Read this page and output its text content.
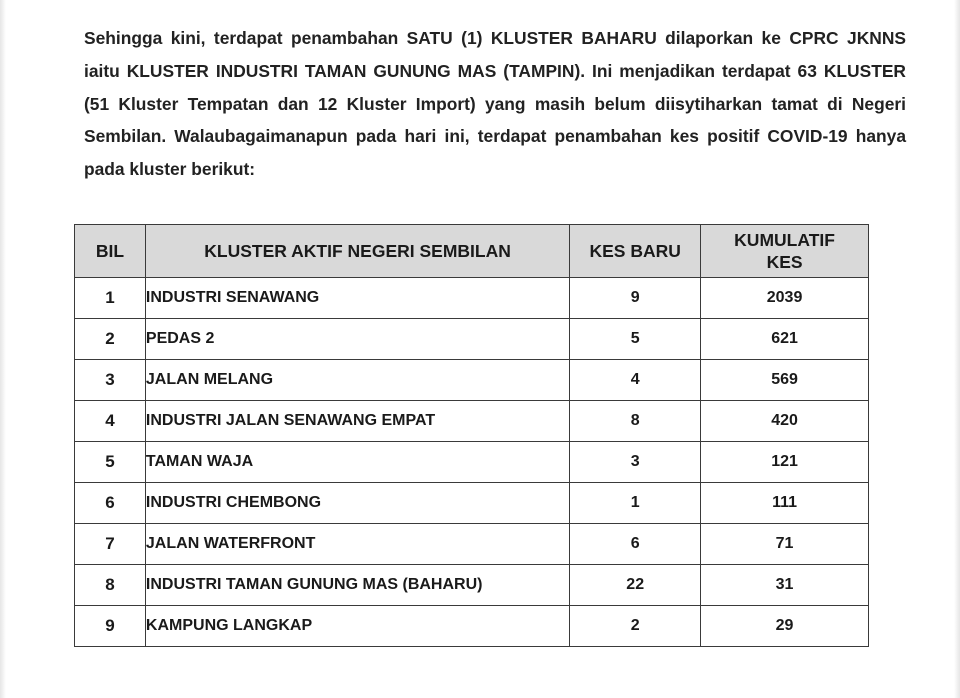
Sehingga kini, terdapat penambahan SATU (1) KLUSTER BAHARU dilaporkan ke CPRC JKNNS iaitu KLUSTER INDUSTRI TAMAN GUNUNG MAS (TAMPIN). Ini menjadikan terdapat 63 KLUSTER (51 Kluster Tempatan dan 12 Kluster Import) yang masih belum diisytiharkan tamat di Negeri Sembilan. Walaubagaimanapun pada hari ini, terdapat penambahan kes positif COVID-19 hanya pada kluster berikut:

BIL	KLUSTER AKTIF NEGERI SEMBILAN	KES BARU	KUMULATIF
KES
1	INDUSTRI SENAWANG	9	2039
2	PEDAS 2	5	621
3	JALAN MELANG	4	569
4	INDUSTRI JALAN SENAWANG EMPAT	8	420
5	TAMAN WAJA	3	121
6	INDUSTRI CHEMBONG	1	111
7	JALAN WATERFRONT	6	71
8	INDUSTRI TAMAN GUNUNG MAS (BAHARU)	22	31
9	KAMPUNG LANGKAP	2	29
